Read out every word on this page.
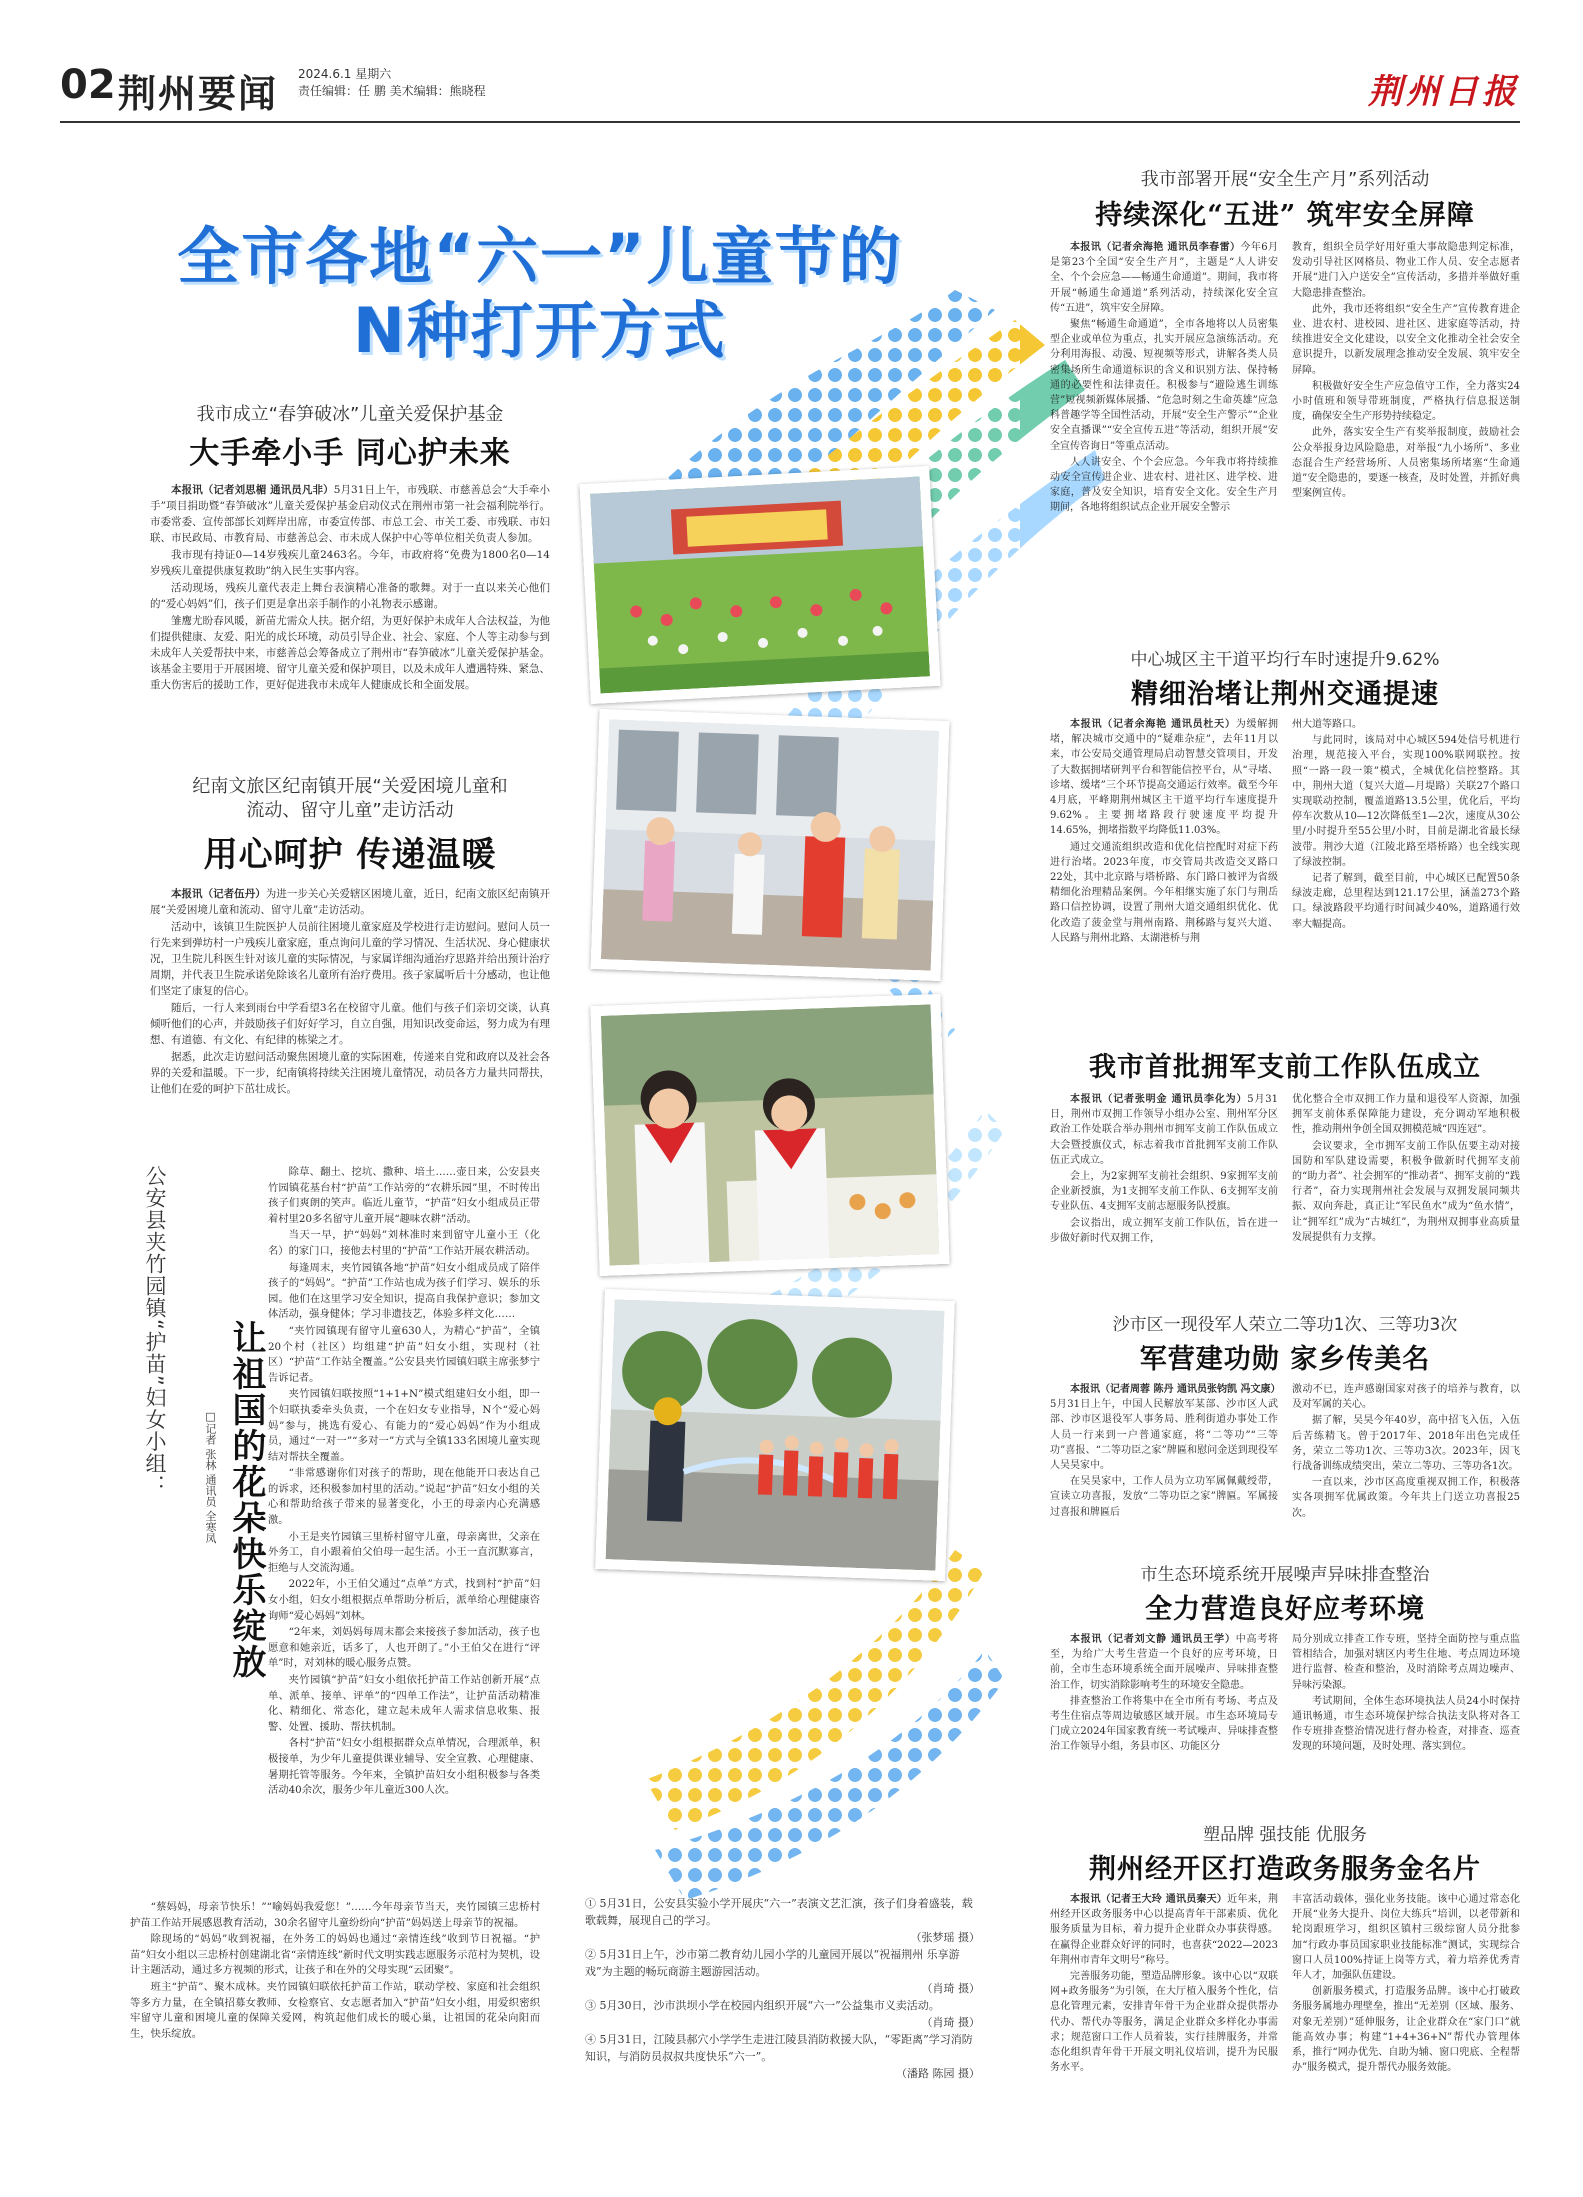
02 荆州要闻 2024.6.1 星期六
责任编辑：任 鹏 美术编辑：熊晓程	荆州日报
全市各地“六一”儿童节的
N种打开方式
我市成立“春笋破冰”儿童关爱保护基金
大手牵小手 同心护未来

本报讯（记者刘思楣 通讯员凡非）5月31日上午，市残联、市慈善总会“大手牵小手”项目捐助暨“春笋破冰”儿童关爱保护基金启动仪式在荆州市第一社会福利院举行。市委常委、宣传部部长刘辉岸出席，市委宣传部、市总工会、市关工委、市残联、市妇联、市民政局、市教育局、市慈善总会、市未成人保护中心等单位相关负责人参加。

我市现有持证0—14岁残疾儿童2463名。今年，市政府将“免费为1800名0—14岁残疾儿童提供康复救助”纳入民生实事内容。

活动现场，残疾儿童代表走上舞台表演精心准备的歌舞。对于一直以来关心他们的“爱心妈妈”们，孩子们更是拿出亲手制作的小礼物表示感谢。

雏鹰尤盼春风暖，新苗尤需众人扶。据介绍，为更好保护未成年人合法权益，为他们提供健康、友爱、阳光的成长环境，动员引导企业、社会、家庭、个人等主动参与到未成年人关爱帮扶中来，市慈善总会筹备成立了荆州市“春笋破冰”儿童关爱保护基金。该基金主要用于开展困境、留守儿童关爱和保护项目，以及未成年人遭遇特殊、紧急、重大伤害后的援助工作，更好促进我市未成年人健康成长和全面发展。

纪南文旅区纪南镇开展“关爱困境儿童和
流动、留守儿童”走访活动
用心呵护 传递温暖

本报讯（记者伍丹）为进一步关心关爱辖区困境儿童，近日，纪南文旅区纪南镇开展“关爱困境儿童和流动、留守儿童”走访活动。

活动中，该镇卫生院医护人员前往困境儿童家庭及学校进行走访慰问。慰问人员一行先来到弹坊村一户残疾儿童家庭，重点询问儿童的学习情况、生活状况、身心健康状况，卫生院儿科医生针对该儿童的实际情况，与家属详细沟通治疗思路并给出预计治疗周期，并代表卫生院承诺免除该名儿童所有治疗费用。孩子家属听后十分感动，也让他们坚定了康复的信心。

随后，一行人来到雨台中学看望3名在校留守儿童。他们与孩子们亲切交谈，认真倾听他们的心声，并鼓励孩子们好好学习，自立自强，用知识改变命运，努力成为有理想、有道德、有文化、有纪律的栋梁之才。

据悉，此次走访慰问活动聚焦困境儿童的实际困难，传递来自党和政府以及社会各界的关爱和温暖。下一步，纪南镇将持续关注困境儿童情况，动员各方力量共同帮扶，让他们在爱的呵护下茁壮成长。

公安县夹竹园镇“护苗”妇女小组：	□记者 张林 通讯员 全寒凤 让祖国的花朵快乐绽放

除草、翻土、挖坑、撒种、培土……壶日来，公安县夹竹园镇花基台村“护苗”工作站旁的“农耕乐园”里，不时传出孩子们爽朗的笑声。临近儿童节，“护苗”妇女小组成员正带着村里20多名留守儿童开展“趣味农耕”活动。

当天一早，护“妈妈”刘林准时来到留守儿童小王（化名）的家门口，接他去村里的“护苗”工作站开展农耕活动。

每逢周末，夹竹园镇各地“护苗”妇女小组成员成了陪伴孩子的“妈妈”。“护苗”工作站也成为孩子们学习、娱乐的乐园。他们在这里学习安全知识，提高自我保护意识；参加文体活动，强身健体；学习非遗技艺，体验多样文化……

“夹竹园镇现有留守儿童630人，为精心“护苗”，全镇20个村（社区）均组建“护苗”妇女小组，实现村（社区）“护苗”工作站全覆盖。”公安县夹竹园镇妇联主席张梦宁告诉记者。

夹竹园镇妇联按照“1+1+N”模式组建妇女小组，即一个妇联执委牵头负责，一个在妇女专业指导，N个“爱心妈妈”参与，挑选有爱心、有能力的“爱心妈妈”作为小组成员，通过“一对一”“多对一”方式与全镇133名困境儿童实现结对帮扶全覆盖。

“非常感谢你们对孩子的帮助，现在他能开口表达自己的诉求，还积极参加村里的活动。”说起“护苗”妇女小组的关心和帮助给孩子带来的显著变化，小王的母亲内心充满感激。

小王是夹竹园镇三里桥村留守儿童，母亲离世，父亲在外务工，自小跟着伯父伯母一起生活。小王一直沉默寡言，拒绝与人交流沟通。

2022年，小王伯父通过“点单”方式，找到村“护苗”妇女小组，妇女小组根据点单帮助分析后，派单给心理健康咨询师“爱心妈妈”刘林。

“2年来，刘妈妈每周末都会来接孩子参加活动，孩子也愿意和她亲近，话多了，人也开朗了。”小王伯父在进行“评单”时，对刘林的暖心服务点赞。

夹竹园镇“护苗”妇女小组依托护苗工作站创新开展“点单、派单、接单、评单”的“四单工作法”，让护苗活动精准化、精细化、常态化，建立起未成年人需求信息收集、报警、处置、援助、帮扶机制。

各村“护苗”妇女小组根据群众点单情况，合理派单，积极接单，为少年儿童提供课业辅导、安全宣教、心理健康、暑期托管等服务。今年来，全镇护苗妇女小组积极参与各类活动40余次，服务少年儿童近300人次。

“蔡妈妈，母亲节快乐！”“喻妈妈我爱您！”……今年母亲节当天，夹竹园镇三忠桥村护苗工作站开展感恩教育活动，30余名留守儿童纷纷向“护苗”妈妈送上母亲节的祝福。

除现场的“妈妈”收到祝福，在外务工的妈妈也通过“亲情连线”收到节日祝福。“护苗”妇女小组以三忠桥村创建湖北省“亲情连线”新时代文明实践志愿服务示范村为契机，设计主题活动，通过多方视频的形式，让孩子和在外的父母实现“云团聚”。

班主“护苗”、聚木成林。夹竹园镇妇联依托护苗工作站，联动学校、家庭和社会组织等多方力量，在全镇招募女教师、女检察官、女志愿者加入“护苗”妇女小组，用爱织密织牢留守儿童和困境儿童的保障关爱网，构筑起他们成长的暖心巢，让祖国的花朵向阳而生，快乐绽放。

① 5月31日，公安县实验小学开展庆“六一”表演文艺汇演，孩子们身着盛装，载歌载舞，展现自己的学习。
（张梦瑶 摄）
② 5月31日上午，沙市第二教育幼儿园小学的儿童园开展以“祝福荆州 乐享游戏”为主题的畅玩商游主题游园活动。
（肖琦 摄）
③ 5月30日，沙市洪坝小学在校园内组织开展“六一”公益集市义卖活动。
（肖琦 摄）
④ 5月31日，江陵县郝穴小学学生走进江陵县消防救援大队，“零距离”学习消防知识，与消防员叔叔共度快乐“六一”。
（潘路 陈园 摄）
我市部署开展“安全生产月”系列活动
持续深化“五进” 筑牢安全屏障

本报讯（记者余海艳 通讯员李春雷）今年6月是第23个全国“安全生产月”，主题是“人人讲安全、个个会应急——畅通生命通道”。期间，我市将开展“畅通生命通道”系列活动，持续深化安全宣传“五进”，筑牢安全屏障。

聚焦“畅通生命通道”，全市各地将以人员密集型企业或单位为重点，扎实开展应急演练活动。充分利用海报、动漫、短视频等形式，讲解各类人员密集场所生命通道标识的含义和识别方法、保持畅通的必要性和法律责任。积极参与“避险逃生训练营”短视频新媒体展播、“危急时刻之生命英雄”应急科普趣学等全国性活动，开展“安全生产警示”“企业安全直播课”“安全宣传五进”等活动，组织开展“安全宣传咨询日”等重点活动。

人人讲安全、个个会应急。今年我市将持续推动安全宣传进企业、进农村、进社区、进学校、进家庭，普及安全知识，培育安全文化。安全生产月期间，各地将组织试点企业开展安全警示

教育，组织全员学好用好重大事故隐患判定标准，发动引导社区网格员、物业工作人员、安全志愿者开展“进门入户送安全”宣传活动，多措并举做好重大隐患排查整治。

此外，我市还将组织“安全生产”宣传教育进企业、进农村、进校园、进社区、进家庭等活动，持续推进安全文化建设，以安全文化推动全社会安全意识提升，以新发展理念推动安全发展、筑牢安全屏障。

积极做好安全生产应急值守工作，全力落实24小时值班和领导带班制度，严格执行信息报送制度，确保安全生产形势持续稳定。

此外，落实安全生产有奖举报制度，鼓励社会公众举报身边风险隐患，对举报“九小场所”、多业态混合生产经营场所、人员密集场所堵塞“生命通道”安全隐患的，要逐一核查，及时处置，并抓好典型案例宣传。

中心城区主干道平均行车时速提升9.62%
精细治堵让荆州交通提速

本报讯（记者余海艳 通讯员杜天）为缓解拥堵，解决城市交通中的“疑难杂症”，去年11月以来，市公安局交通管理局启动智慧交管项目，开发了大数据拥堵研判平台和智能信控平台，从“寻堵、诊堵、缓堵”三个环节提高交通运行效率。截至今年4月底，平峰期荆州城区主干道平均行车速度提升9.62%。主要拥堵路段行驶速度平均提升14.65%，拥堵指数平均降低11.03%。

通过交通流组织改造和优化信控配时对症下药进行治堵。2023年度，市交管局共改造交叉路口22处，其中北京路与塔桥路、东门路口被评为省级精细化治理精品案例。今年相继实施了东门与荆岳路口信控协调，设置了荆州大道交通组织优化、优化改造了菠金堂与荆州南路、荆秭路与复兴大道、人民路与荆州北路、太湖港桥与荆

州大道等路口。

与此同时，该局对中心城区594处信号机进行治理，规范接入平台，实现100%联网联控。按照“一路一段一策”模式，全城优化信控整路。其中，荆州大道（复兴大道—月堤路）关联27个路口实现联动控制，覆盖道路13.5公里，优化后，平均停车次数从10—12次降低至1—2次，速度从30公里/小时提升至55公里/小时，目前是湖北省最长绿波带。荆沙大道（江陵北路至塔桥路）也全线实现了绿波控制。

记者了解到，截至目前，中心城区已配置50条绿波走廊，总里程达到121.17公里，涵盖273个路口。绿波路段平均通行时间减少40%，道路通行效率大幅提高。

我市首批拥军支前工作队伍成立

本报讯（记者张明金 通讯员李化为）5月31日，荆州市双拥工作领导小组办公室、荆州军分区政治工作处联合举办荆州市拥军支前工作队伍成立大会暨授旗仪式，标志着我市首批拥军支前工作队伍正式成立。

会上，为2家拥军支前社会组织、9家拥军支前企业新授旗，为1支拥军支前工作队、6支拥军支前专业队伍、4支拥军支前志愿服务队授旗。

会议指出，成立拥军支前工作队伍，旨在进一步做好新时代双拥工作，

优化整合全市双拥工作力量和退役军人资源，加强拥军支前体系保障能力建设，充分调动军地积极性，推动荆州争创全国双拥模范城“四连冠”。

会议要求，全市拥军支前工作队伍要主动对接国防和军队建设需要，积极争做新时代拥军支前的“助力者”、社会拥军的“推动者”、拥军支前的“践行者”，奋力实现荆州社会发展与双拥发展同频共振、双向奔赴，真正让“军民鱼水”成为“鱼水情”，让“拥军红”成为“古城红”，为荆州双拥事业高质量发展提供有力支撑。

沙市区一现役军人荣立二等功1次、三等功3次
军营建功勋 家乡传美名

本报讯（记者周蓉 陈丹 通讯员张钧凯 冯文康）5月31日上午，中国人民解放军某部、沙市区人武部、沙市区退役军人事务局、胜利街道办事处工作人员一行来到一户普通家庭，将“二等功”“三等功”喜报、“二等功臣之家”牌匾和慰问金送到现役军人吴昊家中。

在吴昊家中，工作人员为立功军属佩戴绶带，宣读立功喜报，发放“二等功臣之家”牌匾。军属接过喜报和牌匾后

激动不已，连声感谢国家对孩子的培养与教育，以及对军属的关心。

据了解，吴昊今年40岁，高中招飞入伍，入伍后苦练精飞。曾于2017年、2018年出色完成任务，荣立二等功1次、三等功3次。2023年，因飞行战备训练成绩突出，荣立二等功、三等功各1次。

一直以来，沙市区高度重视双拥工作，积极落实各项拥军优属政策。今年共上门送立功喜报25次。

市生态环境系统开展噪声异味排查整治
全力营造良好应考环境

本报讯（记者刘文静 通讯员王学）中高考将至，为给广大考生营造一个良好的应考环境，日前，全市生态环境系统全面开展噪声、异味排查整治工作，切实消除影响考生的环境安全隐患。

排查整治工作将集中在全市所有考场、考点及考生住宿点等周边敏感区域开展。市生态环境局专门成立2024年国家教育统一考试噪声、异味排查整治工作领导小组，务县市区、功能区分

局分别成立排查工作专班，坚持全面防控与重点监管相结合，加强对辖区内考生住地、考点周边环境进行监督、检查和整治，及时消除考点周边噪声、异味污染源。

考试期间，全体生态环境执法人员24小时保持通讯畅通，市生态环境保护综合执法支队将对各工作专班排查整治情况进行督办检查，对排查、巡查发现的环境问题，及时处理、落实到位。

塑品牌 强技能 优服务
荆州经开区打造政务服务金名片

本报讯（记者王大玲 通讯员秦天）近年来，荆州经开区政务服务中心以提高青年干部素质、优化服务质量为目标，着力提升企业群众办事获得感。在赢得企业群众好评的同时，也喜获“2022—2023年荆州市青年文明号”称号。

完善服务功能，塑造品牌形象。该中心以“双联网+政务服务”为引领，在大厅植入服务个性化，信息化管理元素，安排青年骨干为企业群众提供帮办代办、帮代办等服务，满足企业群众多样化办事需求；规范窗口工作人员着装，实行挂牌服务，并常态化组织青年骨干开展文明礼仪培训，提升为民服务水平。

丰富活动载体，强化业务技能。该中心通过常态化开展“业务大提升、岗位大练兵”培训，以老带新和轮岗跟班学习，组织区镇村三级综窗人员分批参加“行政办事员国家职业技能标准”测试，实现综合窗口人员100%持证上岗等方式，着力培养优秀青年人才，加强队伍建设。

创新服务模式，打造服务品牌。该中心打破政务服务属地办理壁垒，推出“无差别（区域、服务、对象无差别）”延伸服务，让企业群众在“家门口”就能高效办事；构建“1+4+36+N”帮代办管理体系，推行“网办优先、自助为辅、窗口兜底、全程帮办”服务模式，提升帮代办服务效能。
